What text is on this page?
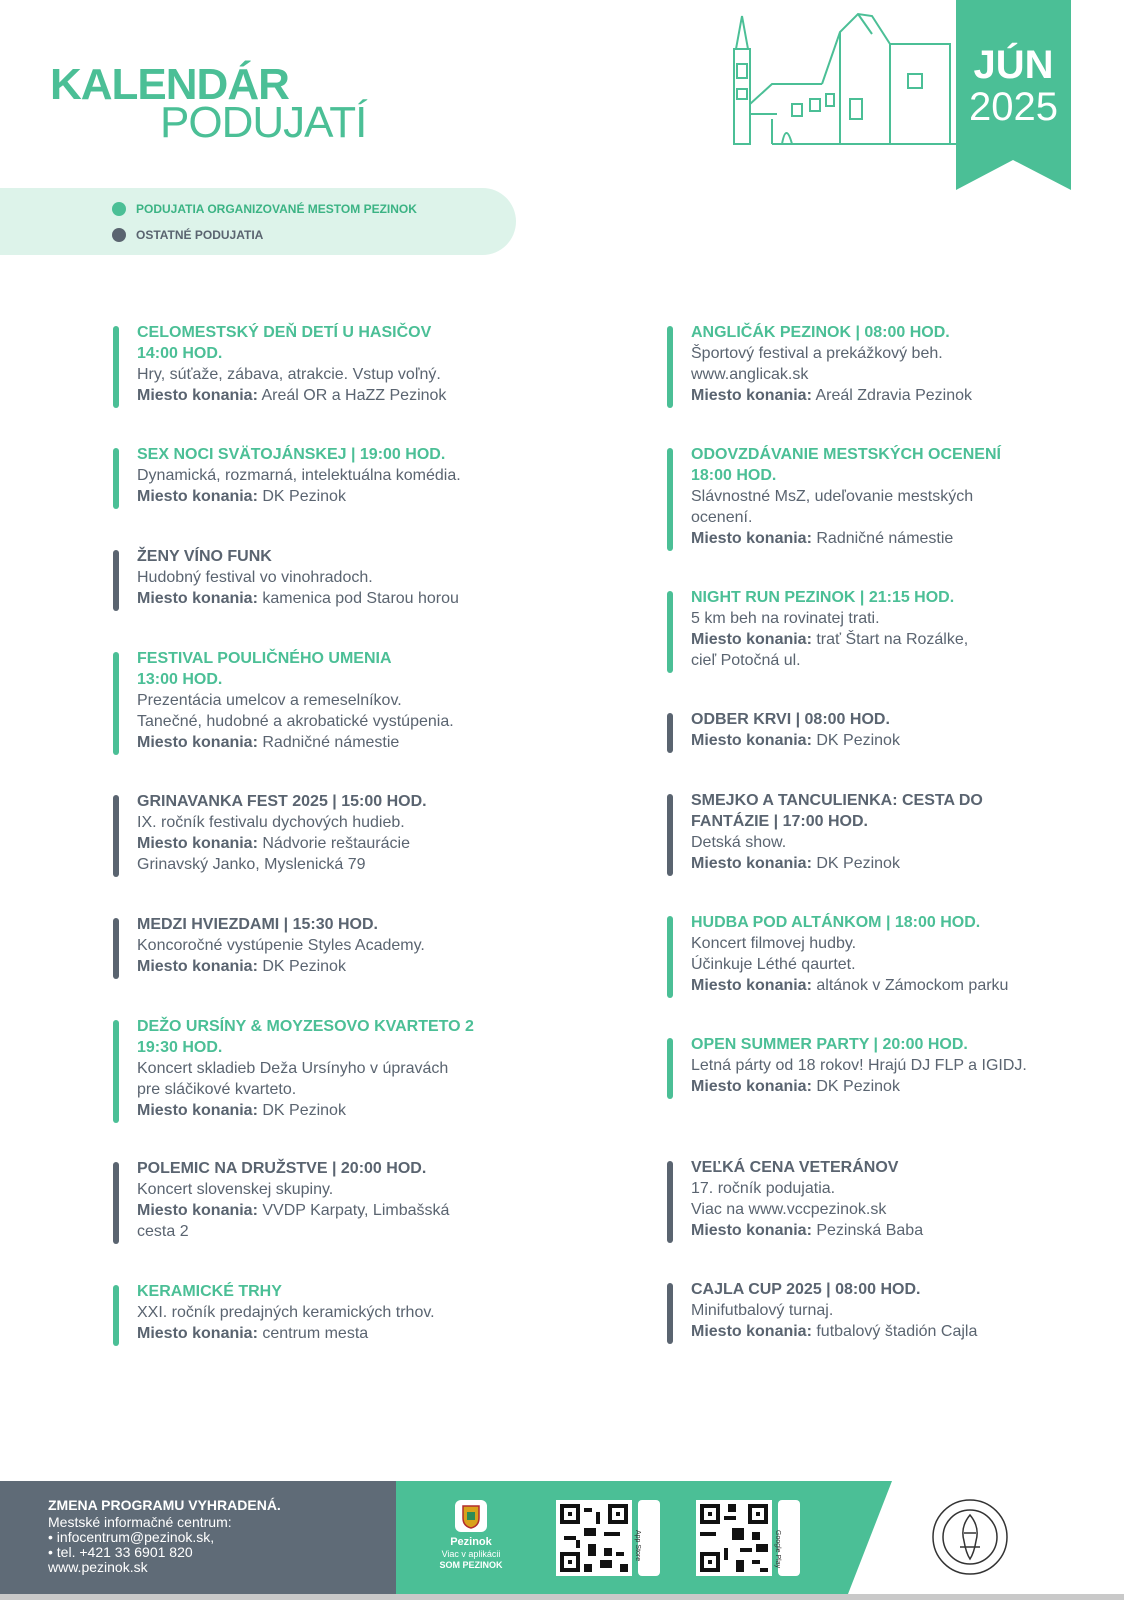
KALENDÁR
PODUJATÍ
JÚN
2025
PODUJATIA ORGANIZOVANÉ MESTOM PEZINOK
OSTATNÉ PODUJATIA
CELOMESTSKÝ DEŇ DETÍ U HASIČOV
14:00 HOD.
Hry, súťaže, zábava, atrakcie. Vstup voľný.
Miesto konania: Areál OR a HaZZ Pezinok
SEX NOCI SVÄTOJÁNSKEJ | 19:00 HOD.
Dynamická, rozmarná, intelektuálna komédia.
Miesto konania: DK Pezinok
ŽENY VÍNO FUNK
Hudobný festival vo vinohradoch.
Miesto konania: kamenica pod Starou horou
FESTIVAL POULIČNÉHO UMENIA
13:00 HOD.
Prezentácia umelcov a remeselníkov.
Tanečné, hudobné a akrobatické vystúpenia.
Miesto konania: Radničné námestie
GRINAVANKA FEST 2025 | 15:00 HOD.
IX. ročník festivalu dychových hudieb.
Miesto konania: Nádvorie reštaurácie
Grinavský Janko, Myslenická 79
MEDZI HVIEZDAMI | 15:30 HOD.
Koncoročné vystúpenie Styles Academy.
Miesto konania: DK Pezinok
DEŽO URSÍNY & MOYZESOVO KVARTETO 2
19:30 HOD.
Koncert skladieb Deža Ursínyho v úpravách
pre sláčikové kvarteto.
Miesto konania: DK Pezinok
POLEMIC NA DRUŽSTVE | 20:00 HOD.
Koncert slovenskej skupiny.
Miesto konania: VVDP Karpaty, Limbašská
cesta 2
KERAMICKÉ TRHY
XXI. ročník predajných keramických trhov.
Miesto konania: centrum mesta
ANGLIČÁK PEZINOK | 08:00 HOD.
Športový festival a prekážkový beh.
www.anglicak.sk
Miesto konania: Areál Zdravia Pezinok
ODOVZDÁVANIE MESTSKÝCH OCENENÍ
18:00 HOD.
Slávnostné MsZ, udeľovanie mestských
ocenení.
Miesto konania: Radničné námestie
NIGHT RUN PEZINOK | 21:15 HOD.
5 km beh na rovinatej trati.
Miesto konania: trať Štart na Rozálke,
cieľ Potočná ul.
ODBER KRVI | 08:00 HOD.
Miesto konania: DK Pezinok
SMEJKO A TANCULIENKA: CESTA DO
FANTÁZIE | 17:00 HOD.
Detská show.
Miesto konania: DK Pezinok
HUDBA POD ALTÁNKOM | 18:00 HOD.
Koncert filmovej hudby.
Účinkuje Léthé qaurtet.
Miesto konania: altánok v Zámockom parku
OPEN SUMMER PARTY | 20:00 HOD.
Letná párty od 18 rokov! Hrajú DJ FLP a IGIDJ.
Miesto konania: DK Pezinok
VEĽKÁ CENA VETERÁNOV
17. ročník podujatia.
Viac na www.vccpezinok.sk
Miesto konania: Pezinská Baba
CAJLA CUP 2025 | 08:00 HOD.
Minifutbalový turnaj.
Miesto konania: futbalový štadión Cajla
ZMENA PROGRAMU VYHRADENÁ.
Mestské informačné centrum:
• infocentrum@pezinok.sk,
• tel. +421 33 6901 820
www.pezinok.sk
Pezinok
Viac v aplikácii
SOM PEZINOK
App Store	Google Play
